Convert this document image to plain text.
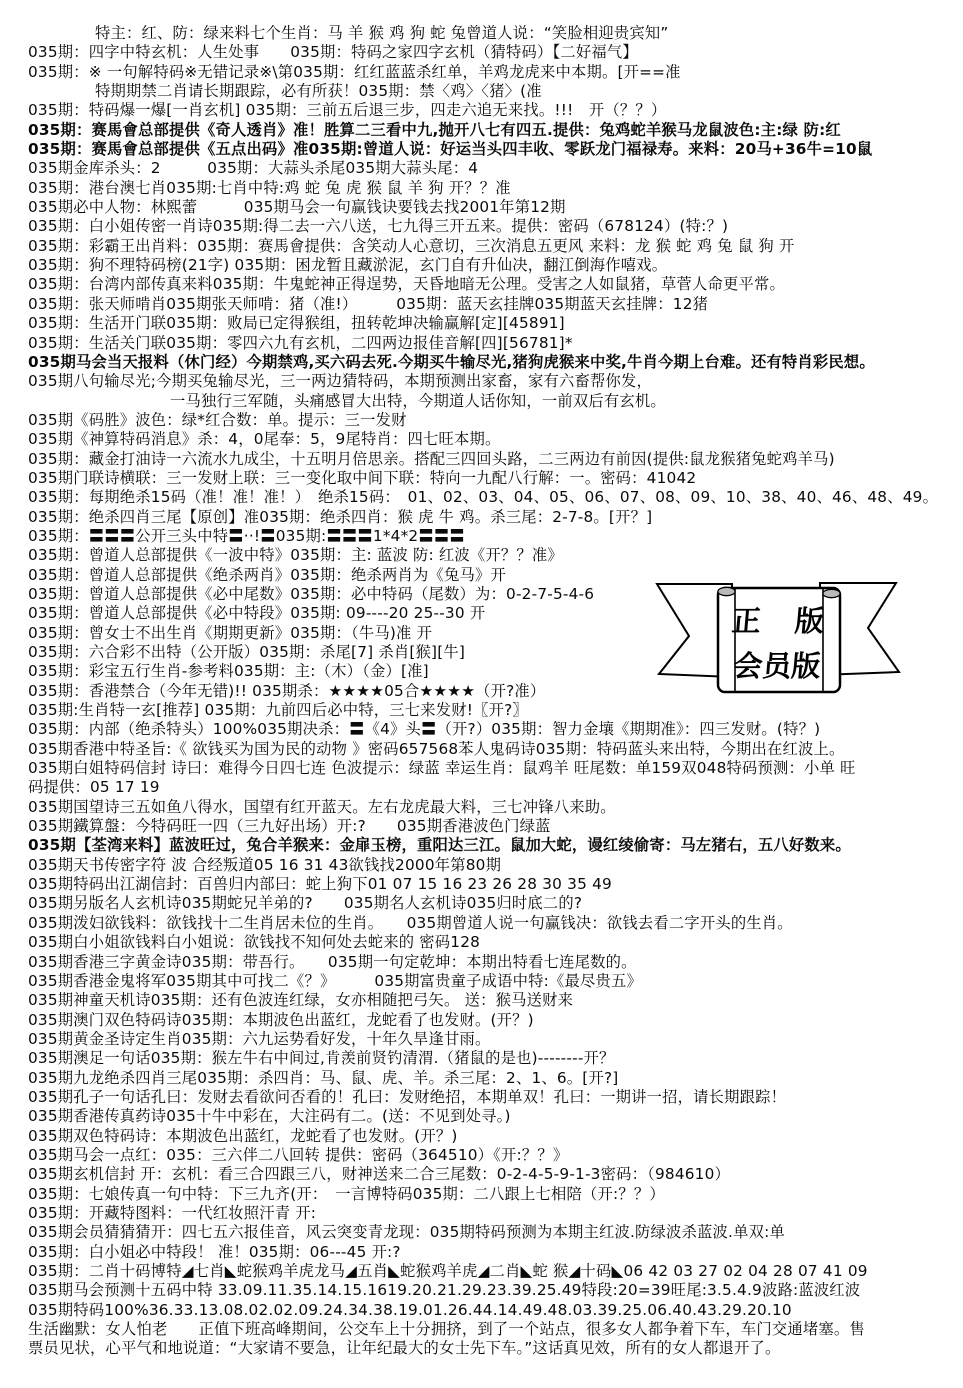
特主：红、防：绿来料七个生肖：马 羊 猴 鸡 狗 蛇 兔曾道人说：“笑脸相迎贵宾知”
035期：四字中特玄机：人生处事　　035期：特码之家四字玄机（猜特码）【二好福气】
035期：※ 一句解特码※无错记录※\第035期：红红蓝蓝杀红单，羊鸡龙虎来中本期。[开==准
特期期禁二肖请长期跟踪，必有所获！035期：禁〈鸡〉〈猪〉(准
035期：特码爆一爆[一肖玄机] 035期：三前五后退三步，四走六追无来找。!!!　开（？？）
035期：赛馬會总部提供《奇人透肖》准！胜算二三看中九,抛开八七有四五.提供：兔鸡蛇羊猴马龙鼠波色:主:绿 防:红
035期：赛馬會总部提供《五点出码》准035期:曾道人说：好运当头四丰收、零跃龙门福禄寿。来料：20马+36牛=10鼠
035期金库杀头：2　　　035期：大蒜头杀尾035期大蒜头尾：4
035期：港台澳七肖035期:七肖中特:鸡 蛇 兔 虎 猴 鼠 羊 狗 开？？准
035期必中人物：林熙蕾　　　035期马会一句赢钱诀要钱去找2001年第12期
035期：白小姐传密一肖诗035期:得二去一六八送，七九得三开五来。提供：密码（678124）(特:？)
035期：彩霸王出肖料：035期：赛馬會提供：含笑动人心意切，三次消息五更风 来料：龙 猴 蛇 鸡 兔 鼠 狗 开
035期：狗不理特码榜(21字) 035期：困龙暂且藏淤泥，玄门自有升仙决，翻江倒海作嘻戏。
035期：台湾内部传真来料035期：牛鬼蛇神正得逞势，天昏地暗无公理。受害之人如鼠猪，草菅人命更平常。
035期：张天师啃肖035期张天师啃：猪（准!）　　　035期：蓝天玄挂牌035期蓝天玄挂牌：12猪
035期：生活开门联035期：败局已定得猴组，扭转乾坤决输赢解[定][45891]
035期：生活关门联035期：零四六九有玄机，二四两边报佳音解[四][56781]*
035期马会当天报料（休门经）今期禁鸡,买六码去死.今期买牛输尽光,猪狗虎猴来中奖,牛肖今期上台难。还有特肖彩民想。
035期八句输尽光;今期买兔输尽光，三一两边猜特码，本期预测出家畜，家有六畜帮你发，
一马独行三军随，头痛感冒大出特，今期道人话你知，一前双后有玄机。
035期《码胜》波色：绿*红合数：单。提示：三一发财
035期《神算特码消息》杀：4，0尾奉：5，9尾特肖：四七旺本期。
035期：藏金打油诗一六流水九成尘，十五明月倍思亲。搭配三四回头路，二三两边有前因(提供:鼠龙猴猪兔蛇鸡羊马)
035期门联诗横联：三一发财上联：三一变化取中间下联：特向一九配八行解：一。密码：41042
035期：每期绝杀15码（准！准！准！）　绝杀15码：　01、02、03、04、05、06、07、08、09、10、38、40、46、48、49。
035期：绝杀四肖三尾【原创】准035期：绝杀四肖：猴 虎 牛 鸡。杀三尾：2-7-8。[开？]
035期：〓〓〓公开三头中特〓··!〓035期:〓〓〓1*4*2〓〓〓
035期：曾道人总部提供《一波中特》035期：主: 蓝波 防: 红波《开？？准》
035期：曾道人总部提供《绝杀两肖》035期：绝杀两肖为《兔马》开
035期：曾道人总部提供《必中尾数》035期：必中特码（尾数）为：0-2-7-5-4-6
035期：曾道人总部提供《必中特段》035期: 09----20 25--30 开
035期：曾女士不出生肖《期期更新》035期：（牛马)准 开
035期：六合彩不出特（公开版）035期：杀尾[7] 杀肖[猴][牛]
035期：彩宝五行生肖-参考料035期：主:（木）（金）[准]
035期：香港禁合（今年无错)!! 035期杀：★★★★05合★★★★（开?准）
035期:生肖特一玄[推荐] 035期：九前四后必中特，三七来发财!〖开?〗
035期：内部（绝杀特头）100%035期决杀：〓《4》头〓（开?）035期：智力金壤《期期准》：四三发财。(特？)
035期香港中特圣旨:《 欲钱买为国为民的动物 》密码657568苯人鬼码诗035期：特码蓝头来出特，今期出在红波上。
035期白姐特码信封 诗曰：难得今日四七连 色波提示：绿蓝 幸运生肖：鼠鸡羊 旺尾数：单159双048特码预测：小单 旺
码提供：05 17 19
035期国望诗三五如鱼八得水，国望有红开蓝天。左右龙虎最大料，三七冲锋八来助。
035期鐵算盤：今特码旺一四（三九好出场）开:?　　035期香港波色门绿蓝
035期【荃湾来料】蓝波旺过，兔合羊猴来：金扉玉榜，重阳达三江。鼠加大蛇，谩红绫偷寄：马左猪右，五八好数来。
035期天书传密字符 波 合经叛道05 16 31 43欲钱找2000年第80期
035期特码出江湖信封：百兽归内部曰：蛇上狗下01 07 15 16 23 26 28 30 35 49
035期另版名人玄机诗035期蛇兄羊弟的?　　035期名人玄机诗035归时底二的?
035期泼妇欲钱料：欲钱找十二生肖居未位的生肖。　　035期曾道人说一句赢钱决：欲钱去看二字开头的生肖。
035期白小姐欲钱料白小姐说：欲钱找不知何处去蛇来的 密码128
035期香港三字黄金诗035期：带吾行。　　035期一句定乾坤：本期出特看七连尾数的。
035期香港金鬼将军035期其中可找二《？》　　　035期富贵童子成语中特:《最尽贵五》
035期神童天机诗035期：还有色波连红绿，女亦相随把弓矢。 送：猴马送财来
035期澳门双色特码诗035期：本期波色出蓝红，龙蛇看了也发财。(开？)
035期黄金圣诗定生肖035期：六九运势看好发，十年久旱逢甘雨。
035期澳足一句话035期：猴左牛右中间过,肯羡前贤钓清渭.（猪鼠的是也)--------开？
035期九龙绝杀四肖三尾035期：杀四肖：马、鼠、虎、羊。杀三尾：2、1、6。[开?]
035期孔子一句话孔曰：发财去看欲问否看的！孔曰：发财绝招，本期单双！孔曰：一期讲一招，请长期跟踪！
035期香港传真药诗035十牛中彩在，大注码有二。(送：不见到处寻。)
035期双色特码诗：本期波色出蓝红，龙蛇看了也发财。(开？)
035期马会一点红：035：三六伴二八回转 提供：密码（364510）《开:？？》
035期玄机信封 开：玄机：看三合四跟三八，财神送来二合三尾数：0-2-4-5-9-1-3密码：（984610）
035期：七娘传真一句中特：下三九齐(开：　一言博特码035期：二八跟上七相陪（开:？？）
035期：开藏特图料：一代红妆照汗青 开:
035期会员猜猜猜开：四七五六报佳音，风云突变青龙现：035期特码预测为本期主红波.防绿波杀蓝波.单双:单
035期：白小姐必中特段！ 准！035期：06---45 开:?
035期：二肖十码博特◢七肖◣蛇猴鸡羊虎龙马◢五肖◣蛇猴鸡羊虎◢二肖◣蛇 猴◢十码◣06 42 03 27 02 04 28 07 41 09
035期马会预测十五码中特 33.09.11.35.14.15.1619.20.21.29.23.39.25.49特段:20=39旺尾:3.5.4.9波路:蓝波红波
035期特码100%36.33.13.08.02.02.09.24.34.38.19.01.26.44.14.49.48.03.39.25.06.40.43.29.20.10
生活幽默：女人怕老　　正值下班高峰期间，公交车上十分拥挤，到了一个站点，很多女人都争着下车，车门交通堵塞。售
票员见状，心平气和地说道：“大家请不要急，让年纪最大的女士先下车。”这话真见效，所有的女人都退开了。
正 版
会员版
